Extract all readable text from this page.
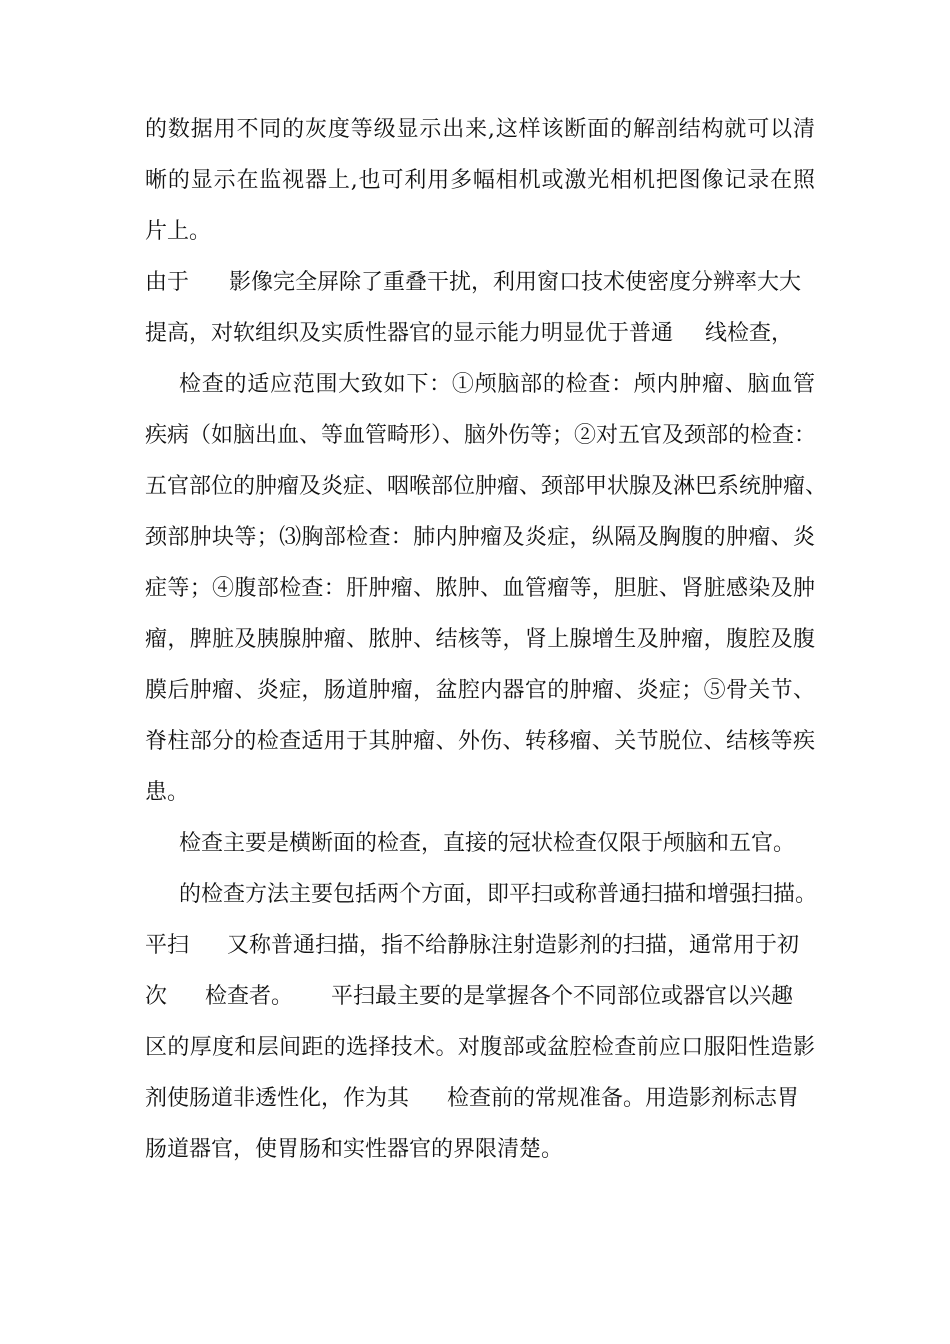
的数据用不同的灰度等级显示出来,这样该断面的解剖结构就可以清
晰的显示在监视器上,也可利用多幅相机或激光相机把图像记录在照
片上。
由于 影像完全屏除了重叠干扰，利用窗口技术使密度分辨率大大
提高，对软组织及实质性器官的显示能力明显优于普通 线检查，
检查的适应范围大致如下：①颅脑部的检查：颅内肿瘤、脑血管
疾病（如脑出血、等血管畸形）、脑外伤等；②对五官及颈部的检查：
五官部位的肿瘤及炎症、咽喉部位肿瘤、颈部甲状腺及淋巴系统肿瘤、
颈部肿块等；⑶胸部检查：肺内肿瘤及炎症，纵隔及胸腹的肿瘤、炎
症等；④腹部检查：肝肿瘤、脓肿、血管瘤等，胆脏、肾脏感染及肿
瘤，脾脏及胰腺肿瘤、脓肿、结核等，肾上腺增生及肿瘤，腹腔及腹
膜后肿瘤、炎症，肠道肿瘤，盆腔内器官的肿瘤、炎症；⑤骨关节、
脊柱部分的检查适用于其肿瘤、外伤、转移瘤、关节脱位、结核等疾
患。
检查主要是横断面的检查，直接的冠状检查仅限于颅脑和五官。
的检查方法主要包括两个方面，即平扫或称普通扫描和增强扫描。
平扫 又称普通扫描，指不给静脉注射造影剂的扫描，通常用于初
次 检查者。 平扫最主要的是掌握各个不同部位或器官以兴趣
区的厚度和层间距的选择技术。对腹部或盆腔检查前应口服阳性造影
剂使肠道非透性化，作为其 检查前的常规准备。用造影剂标志胃
肠道器官，使胃肠和实性器官的界限清楚。
